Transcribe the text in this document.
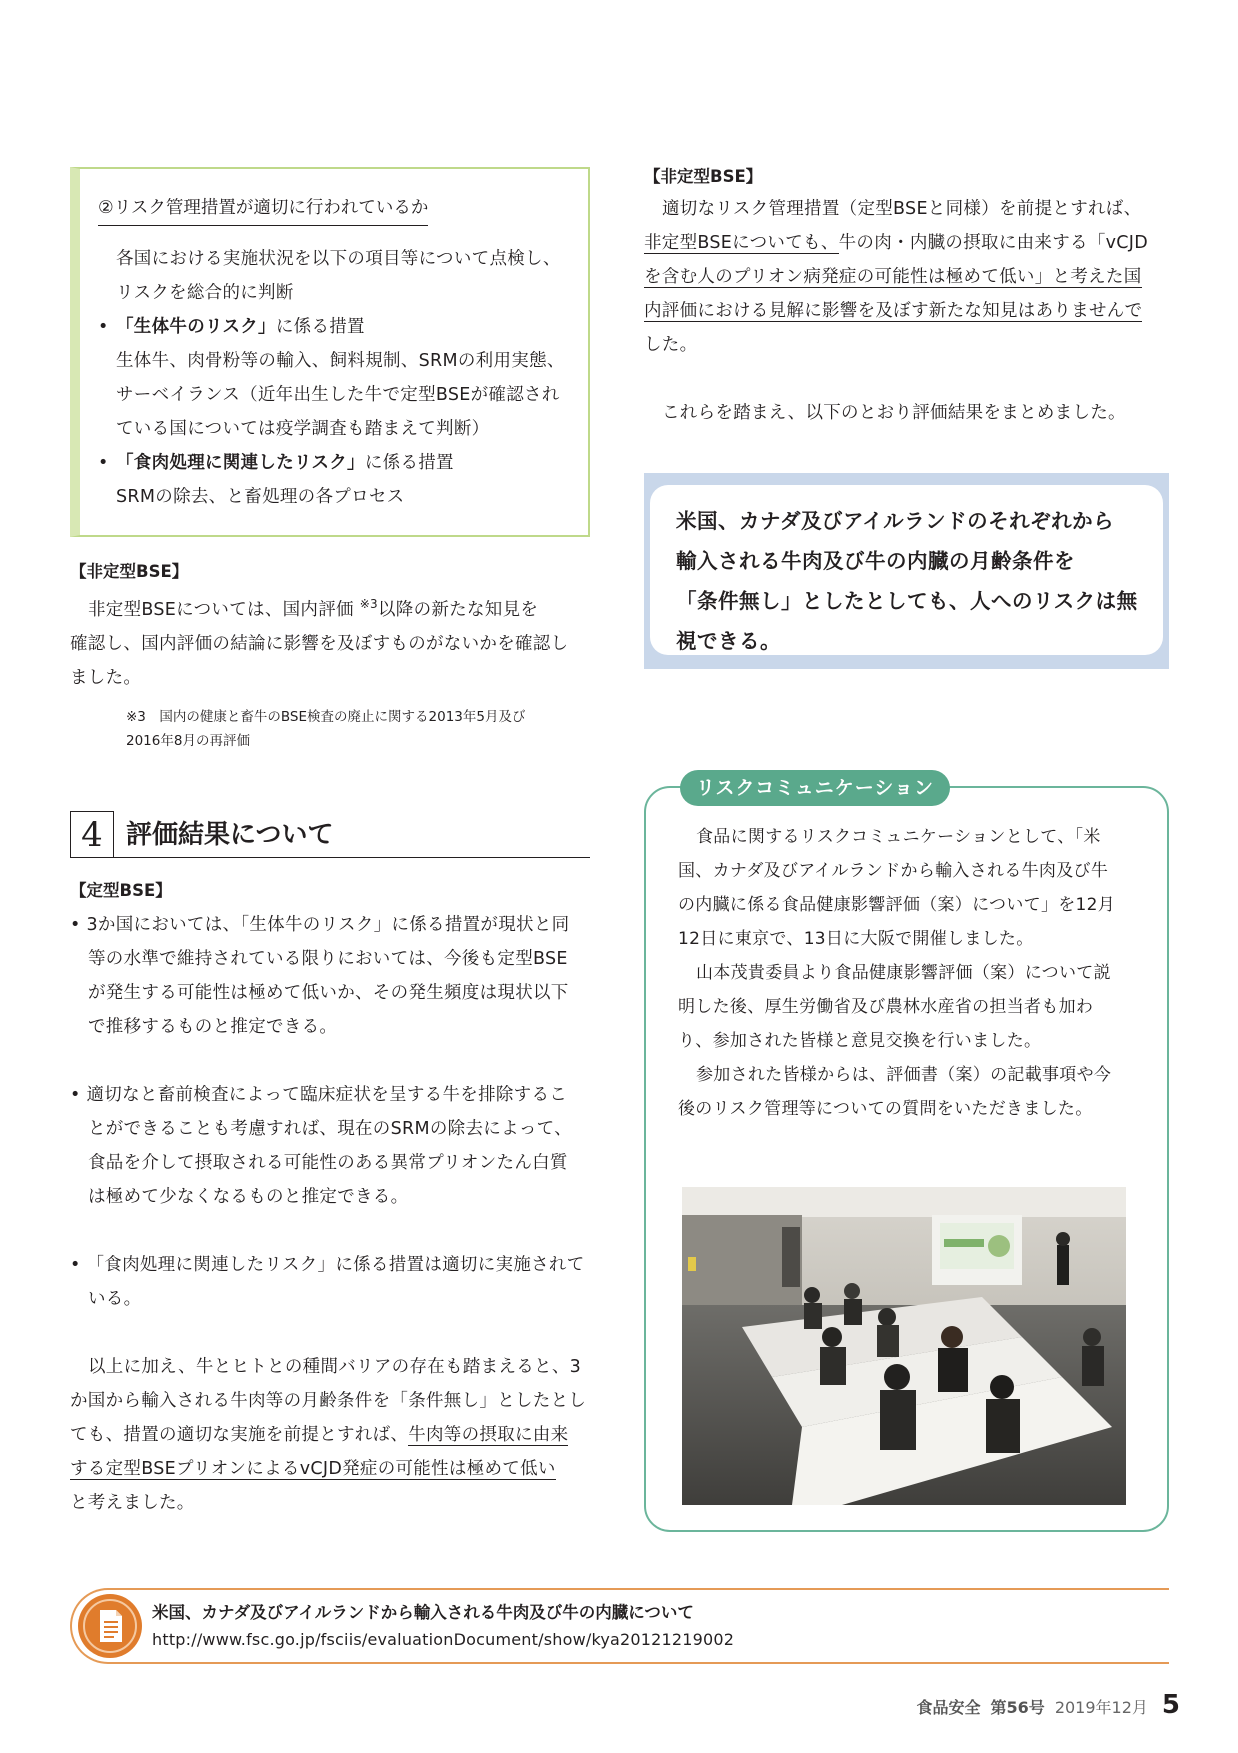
②リスク管理措置が適切に行われているか
各国における実施状況を以下の項目等について点検し、
リスクを総合的に判断
• 「生体牛のリスク」に係る措置
生体牛、肉骨粉等の輸入、飼料規制、SRMの利用実態、
サーベイランス（近年出生した牛で定型BSEが確認され
ている国については疫学調査も踏まえて判断）
• 「食肉処理に関連したリスク」に係る措置
SRMの除去、と畜処理の各プロセス
【非定型BSE】
非定型BSEについては、国内評価 $^{※3}$以降の新たな知見を
確認し、国内評価の結論に影響を及ぼすものがないかを確認し
ました。
※3　国内の健康と畜牛のBSE検査の廃止に関する2013年5月及び
2016年8月の再評価
4 評価結果について
【定型BSE】
• 3か国においては、「生体牛のリスク」に係る措置が現状と同
等の水準で維持されている限りにおいては、今後も定型BSE
が発生する可能性は極めて低いか、その発生頻度は現状以下
で推移するものと推定できる。
• 適切なと畜前検査によって臨床症状を呈する牛を排除するこ
とができることも考慮すれば、現在のSRMの除去によって、
食品を介して摂取される可能性のある異常プリオンたん白質
は極めて少なくなるものと推定できる。
• 「食肉処理に関連したリスク」に係る措置は適切に実施されて
いる。
以上に加え、牛とヒトとの種間バリアの存在も踏まえると、3
か国から輸入される牛肉等の月齢条件を「条件無し」としたとし
ても、措置の適切な実施を前提とすれば、牛肉等の摂取に由来
する定型BSEプリオンによるvCJD発症の可能性は極めて低い
と考えました。
【非定型BSE】
適切なリスク管理措置（定型BSEと同様）を前提とすれば、
非定型BSEについても、牛の肉・内臓の摂取に由来する「vCJD
を含む人のプリオン病発症の可能性は極めて低い」と考えた国
内評価における見解に影響を及ぼす新たな知見はありませんで
した。
これらを踏まえ、以下のとおり評価結果をまとめました。
米国、カナダ及びアイルランドのそれぞれから
輸入される牛肉及び牛の内臓の月齢条件を
「条件無し」としたとしても、人へのリスクは無
視できる。
リスクコミュニケーション

食品に関するリスクコミュニケーションとして、「米

国、カナダ及びアイルランドから輸入される牛肉及び牛

の内臓に係る食品健康影響評価（案）について」を12月

12日に東京で、13日に大阪で開催しました。

山本茂貴委員より食品健康影響評価（案）について説

明した後、厚生労働省及び農林水産省の担当者も加わ

り、参加された皆様と意見交換を行いました。

参加された皆様からは、評価書（案）の記載事項や今

後のリスク管理等についての質問をいただきました。

米国、カナダ及びアイルランドから輸入される牛肉及び牛の内臓について
http://www.fsc.go.jp/fsciis/evaluationDocument/show/kya20121219002
食品安全 第56号 2019年12月 5
